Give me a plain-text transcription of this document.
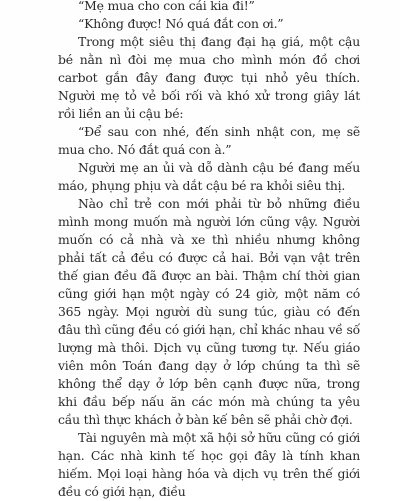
“Mẹ mua cho con cái kia đi!”

“Không được! Nó quá đắt con ơi.”

Trong một siêu thị đang đại hạ giá, một cậu bé nằn nì đòi mẹ mua cho mình món đồ chơi carbot gắn đây đang được tụi nhỏ yêu thích. Người mẹ tỏ vẻ bối rối và khó xử trong giây lát rồi liền an ủi cậu bé:

“Để sau con nhé, đến sinh nhật con, mẹ sẽ mua cho. Nó đắt quá con à.”

Người mẹ an ủi và dỗ dành cậu bé đang mếu máo, phụng phịu và dắt cậu bé ra khỏi siêu thị.

Nào chỉ trẻ con mới phải từ bỏ những điều mình mong muốn mà người lớn cũng vậy. Người muốn có cả nhà và xe thì nhiều nhưng không phải tất cả đều có được cả hai. Bởi vạn vật trên thế gian đều đã được an bài. Thậm chí thời gian cũng giới hạn một ngày có 24 giờ, một năm có 365 ngày. Mọi người dù sung túc, giàu có đến đâu thì cũng đều có giới hạn, chỉ khác nhau về số lượng mà thôi. Dịch vụ cũng tương tự. Nếu giáo viên môn Toán đang dạy ở lớp chúng ta thì sẽ không thể dạy ở lớp bên cạnh được nữa, trong khi đầu bếp nấu ăn các món mà chúng ta yêu cầu thì thực khách ở bàn kế bên sẽ phải chờ đợi.

Tài nguyên mà một xã hội sở hữu cũng có giới hạn. Các nhà kinh tế học gọi đây là tính khan hiếm. Mọi loại hàng hóa và dịch vụ trên thế giới đều có giới hạn, điều
